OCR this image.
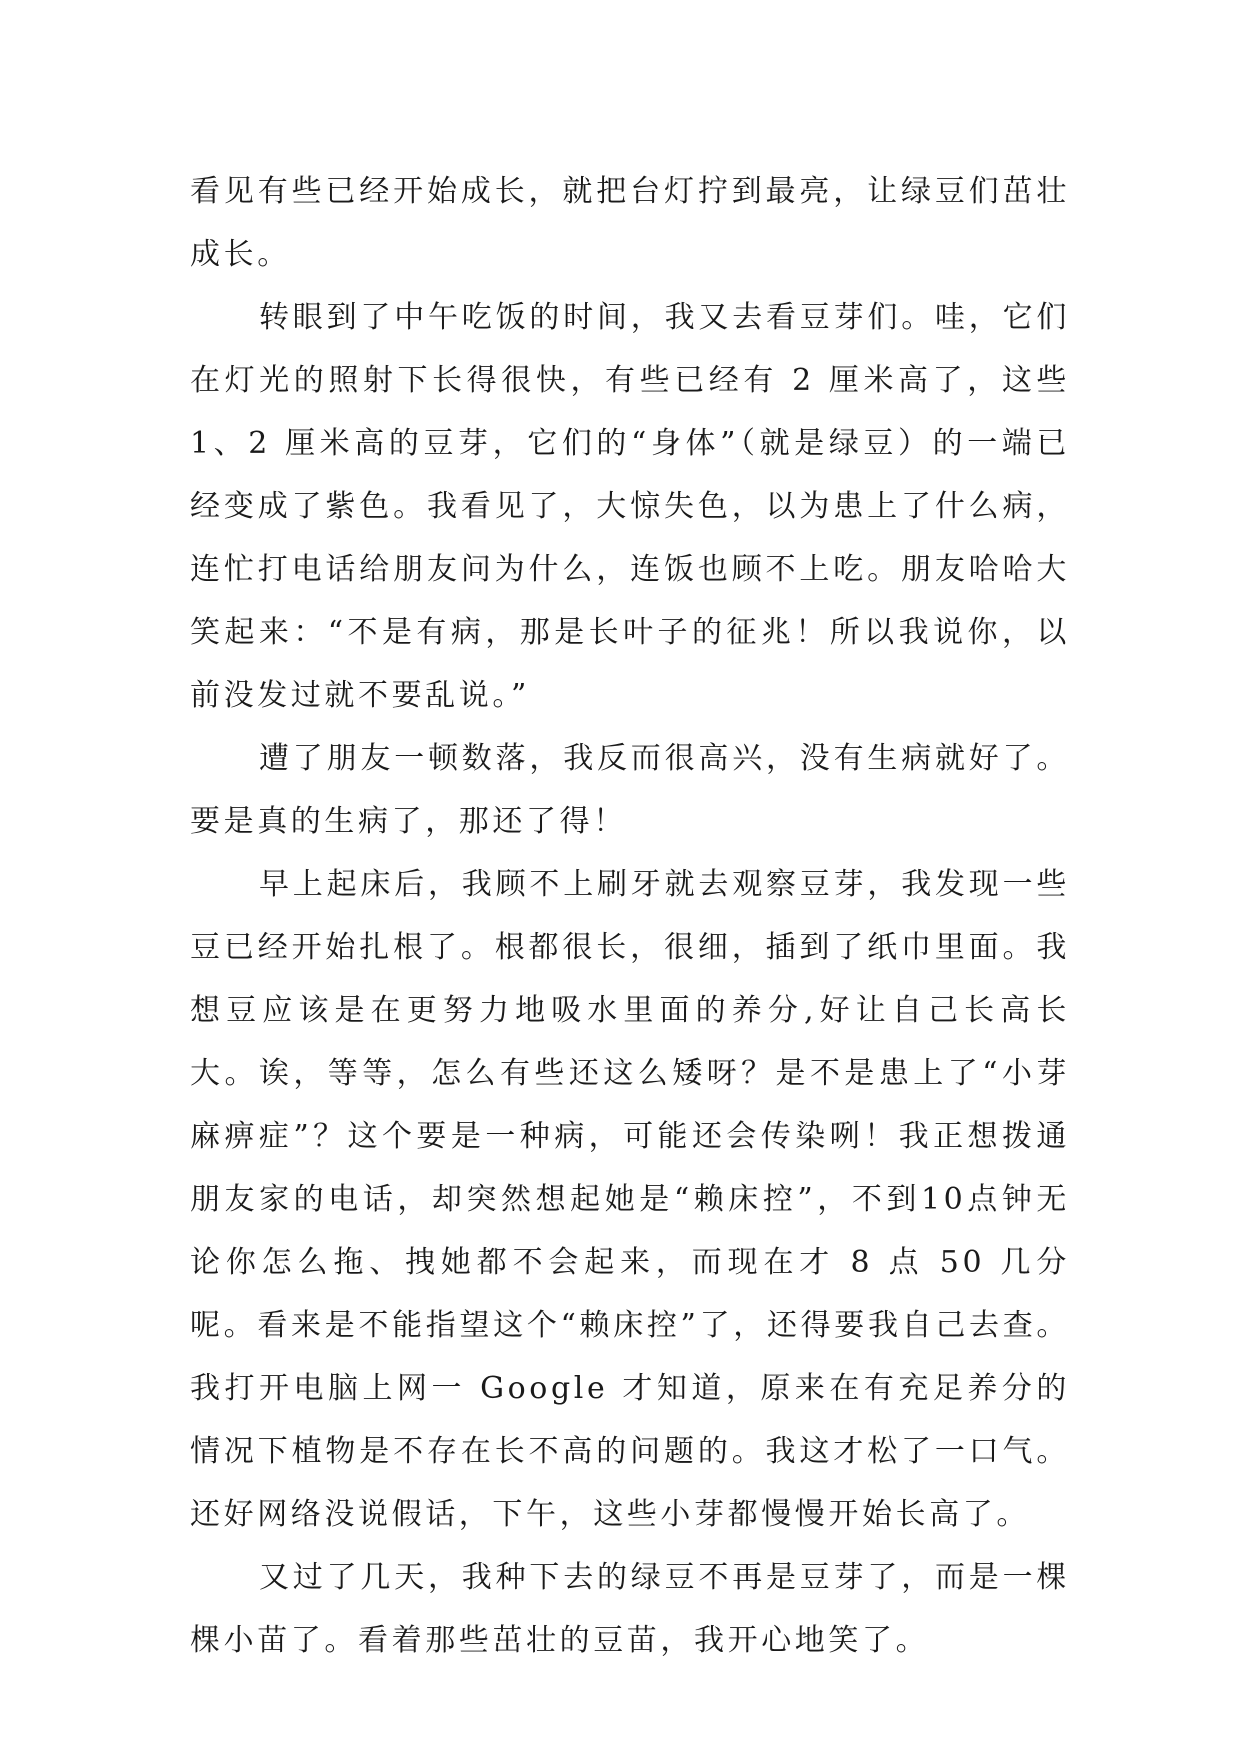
看见有些已经开始成长，就把台灯拧到最亮，让绿豆们茁壮成长。

转眼到了中午吃饭的时间，我又去看豆芽们。哇，它们在灯光的照射下长得很快，有些已经有 2 厘米高了，这些 1、2 厘米高的豆芽，它们的“身体”（就是绿豆）的一端已经变成了紫色。我看见了，大惊失色，以为患上了什么病，连忙打电话给朋友问为什么，连饭也顾不上吃。朋友哈哈大笑起来：“不是有病，那是长叶子的征兆！所以我说你，以前没发过就不要乱说。”

遭了朋友一顿数落，我反而很高兴，没有生病就好了。要是真的生病了，那还了得！

早上起床后，我顾不上刷牙就去观察豆芽，我发现一些豆已经开始扎根了。根都很长，很细，插到了纸巾里面。我想豆应该是在更努力地吸水里面的养分,好让自己长高长大。诶，等等，怎么有些还这么矮呀？是不是患上了“小芽麻痹症”？这个要是一种病，可能还会传染咧！我正想拨通朋友家的电话，却突然想起她是“赖床控”，不到10点钟无论你怎么拖、拽她都不会起来，而现在才 8 点 50 几分呢。看来是不能指望这个“赖床控”了，还得要我自己去查。我打开电脑上网一 Google 才知道，原来在有充足养分的情况下植物是不存在长不高的问题的。我这才松了一口气。还好网络没说假话，下午，这些小芽都慢慢开始长高了。

又过了几天，我种下去的绿豆不再是豆芽了，而是一棵棵小苗了。看着那些茁壮的豆苗，我开心地笑了。
